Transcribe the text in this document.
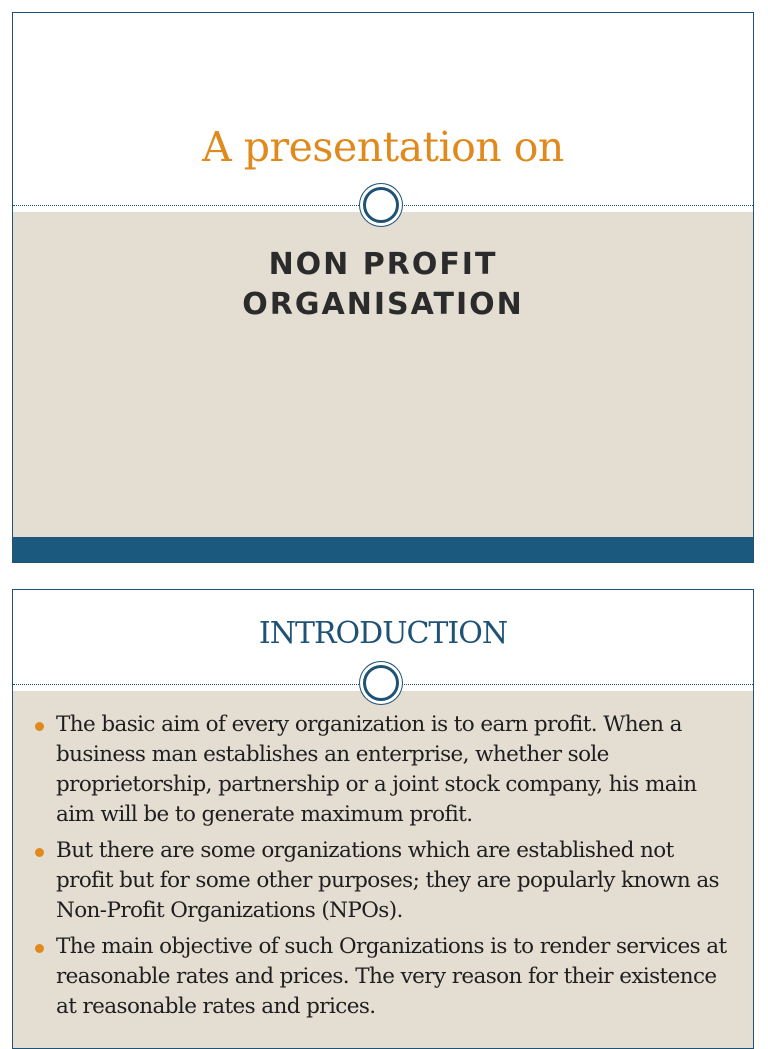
A presentation on
NON PROFIT
ORGANISATION
INTRODUCTION
The basic aim of every organization is to earn profit. When a business man establishes an enterprise, whether sole proprietorship, partnership or a joint stock company, his main aim will be to generate maximum profit.
But there are some organizations which are established not profit but for some other purposes; they are popularly known as Non-Profit Organizations (NPOs).
The main objective of such Organizations is to render services at reasonable rates and prices. The very reason for their existence at reasonable rates and prices.
